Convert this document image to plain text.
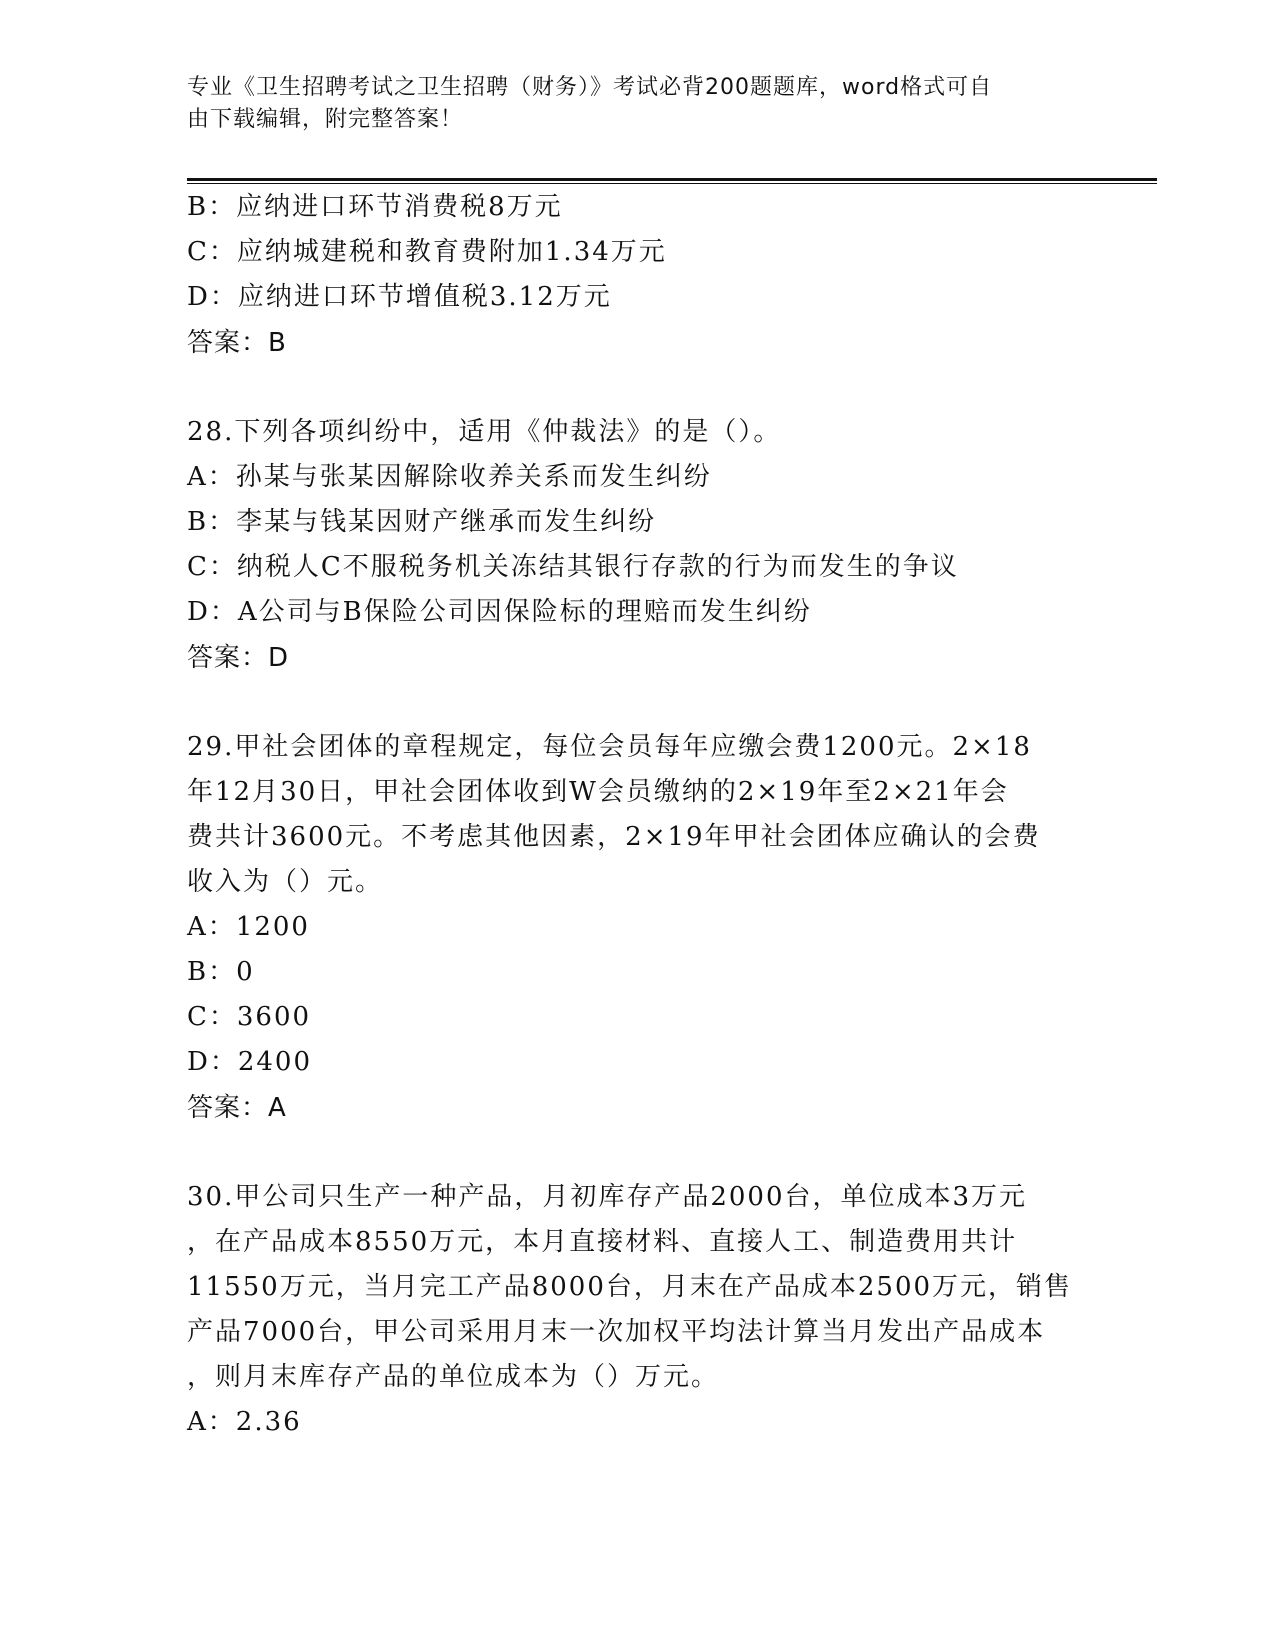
专业《卫生招聘考试之卫生招聘（财务）》考试必背200题题库，word格式可自
由下载编辑，附完整答案！
B：应纳进口环节消费税8万元
C：应纳城建税和教育费附加1.34万元
D：应纳进口环节增值税3.12万元
答案：B
28.下列各项纠纷中，适用《仲裁法》的是（）。
A：孙某与张某因解除收养关系而发生纠纷
B：李某与钱某因财产继承而发生纠纷
C：纳税人C不服税务机关冻结其银行存款的行为而发生的争议
D：A公司与B保险公司因保险标的理赔而发生纠纷
答案：D
29.甲社会团体的章程规定，每位会员每年应缴会费1200元。2×18
年12月30日，甲社会团体收到W会员缴纳的2×19年至2×21年会
费共计3600元。不考虑其他因素，2×19年甲社会团体应确认的会费
收入为（）元。
A：1200
B：0
C：3600
D：2400
答案：A
30.甲公司只生产一种产品，月初库存产品2000台，单位成本3万元
，在产品成本8550万元，本月直接材料、直接人工、制造费用共计
11550万元，当月完工产品8000台，月末在产品成本2500万元，销售
产品7000台，甲公司采用月末一次加权平均法计算当月发出产品成本
，则月末库存产品的单位成本为（）万元。
A：2.36
